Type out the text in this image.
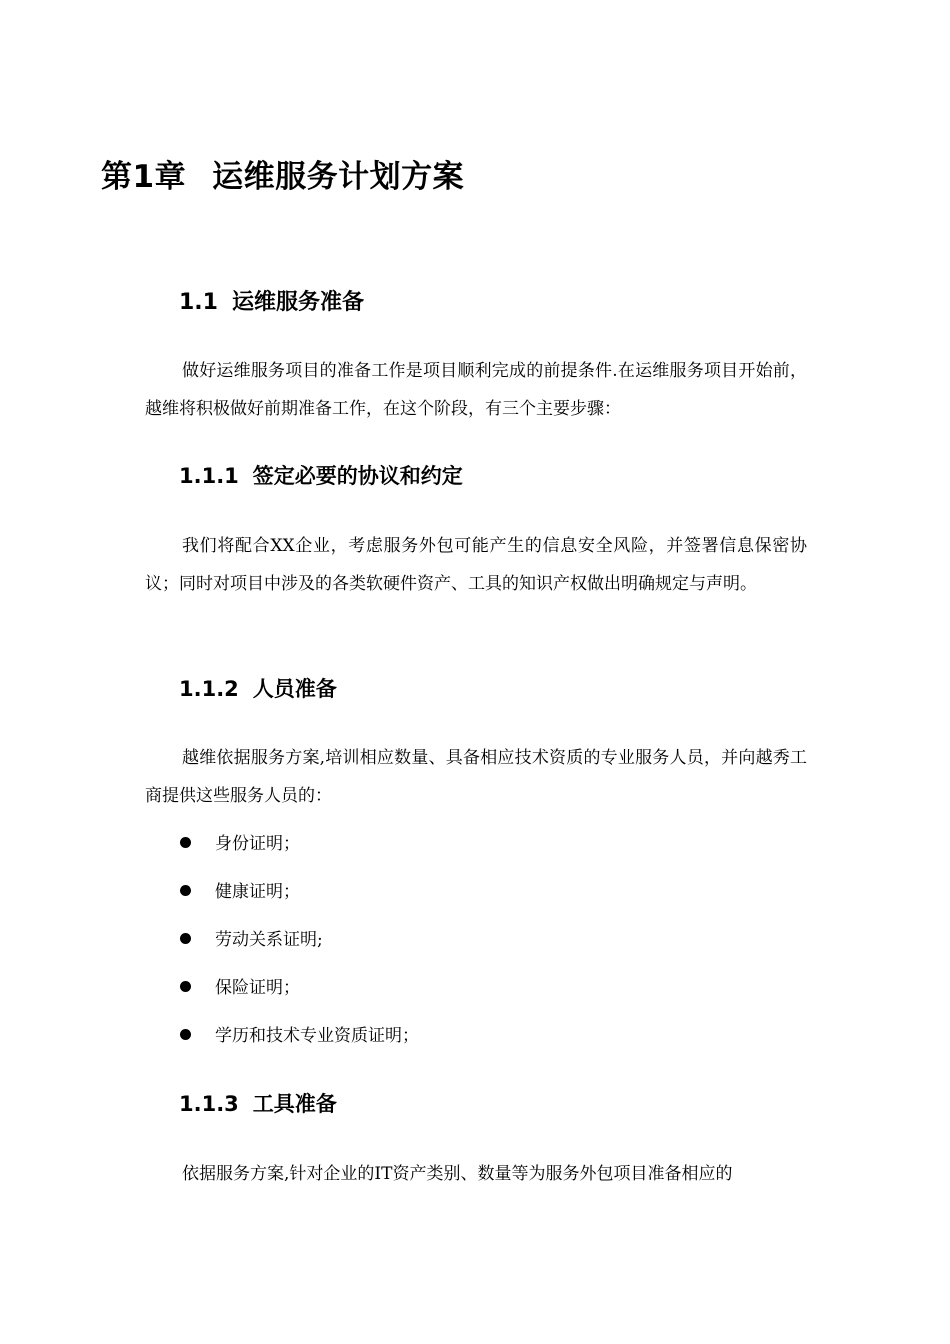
第1章 运维服务计划方案
1.1 运维服务准备

做好运维服务项目的准备工作是项目顺利完成的前提条件.在运维服务项目开始前，越维将积极做好前期准备工作，在这个阶段，有三个主要步骤：

1.1.1 签定必要的协议和约定

我们将配合XX企业，考虑服务外包可能产生的信息安全风险，并签署信息保密协议；同时对项目中涉及的各类软硬件资产、工具的知识产权做出明确规定与声明。

1.1.2 人员准备

越维依据服务方案,培训相应数量、具备相应技术资质的专业服务人员，并向越秀工商提供这些服务人员的：

身份证明；
健康证明；
劳动关系证明;
保险证明；
学历和技术专业资质证明；
1.1.3 工具准备

依据服务方案,针对企业的IT资产类别、数量等为服务外包项目准备相应的
